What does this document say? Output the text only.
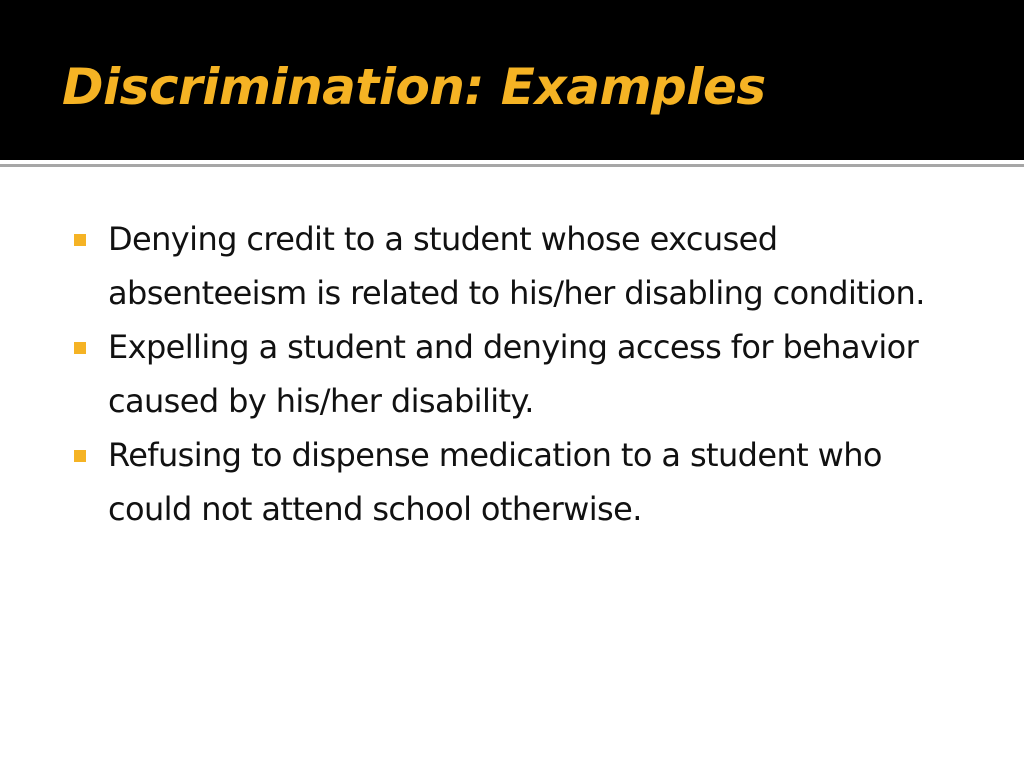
Discrimination: Examples
Denying credit to a student whose excused absenteeism is related to his/her disabling condition.
Expelling a student and denying access for behavior caused by his/her disability.
Refusing to dispense medication to a student who could not attend school otherwise.
